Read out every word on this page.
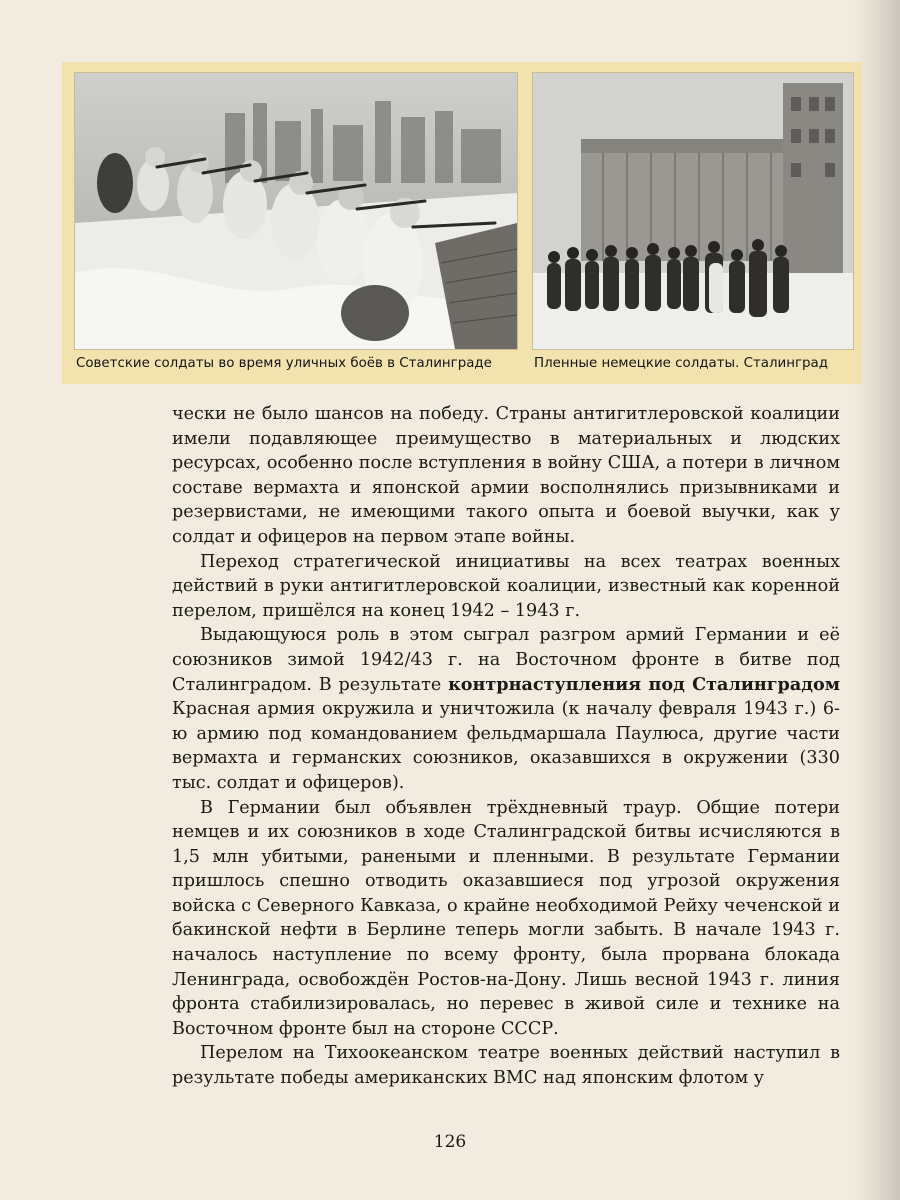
Советские солдаты во время уличных боёв в Сталинграде	Пленные немецкие солдаты. Сталинград

чески не было шансов на победу. Страны антигитлеровской коалиции имели подавляющее преимущество в материальных и людских ресурсах, особенно после вступления в войну США, а потери в личном составе вермахта и японской армии восполнялись призывниками и резервистами, не имеющими такого опыта и боевой выучки, как у солдат и офицеров на первом этапе войны.

Переход стратегической инициативы на всех театрах военных действий в руки антигитлеровской коалиции, известный как коренной перелом, пришёлся на конец 1942 – 1943 г.

Выдающуюся роль в этом сыграл разгром армий Германии и её союзников зимой 1942/43 г. на Восточном фронте в битве под Сталинградом. В результате контрнаступления под Сталинградом Красная армия окружила и уничтожила (к началу февраля 1943 г.) 6-ю армию под командованием фельдмаршала Паулюса, другие части вермахта и германских союзников, оказавшихся в окружении (330 тыс. солдат и офицеров).

В Германии был объявлен трёхдневный траур. Общие потери немцев и их союзников в ходе Сталинградской битвы исчисляются в 1,5 млн убитыми, ранеными и пленными. В результате Германии пришлось спешно отводить оказавшиеся под угрозой окружения войска с Северного Кавказа, о крайне необходимой Рейху чеченской и бакинской нефти в Берлине теперь могли забыть. В начале 1943 г. началось наступление по всему фронту, была прорвана блокада Ленинграда, освобождён Ростов-на-Дону. Лишь весной 1943 г. линия фронта стабилизировалась, но перевес в живой силе и технике на Восточном фронте был на стороне СССР.

Перелом на Тихоокеанском театре военных действий наступил в результате победы американских ВМС над японским флотом у

126
